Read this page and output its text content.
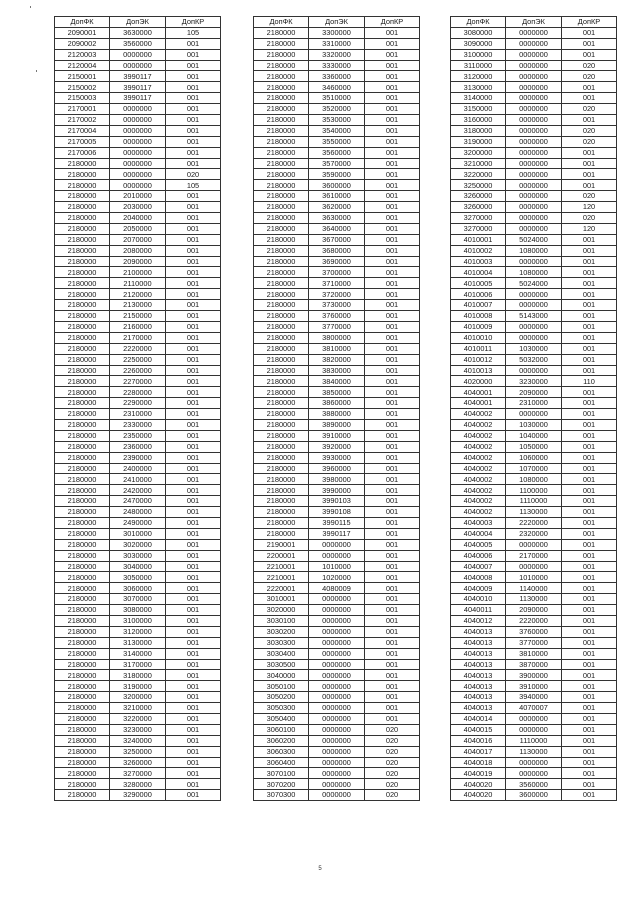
ДопФК	ДопЭК	ДопКР
2090001	3630000	105
2090002	3560000	001
2120003	0000000	001
2120004	0000000	001
2150001	3990117	001
2150002	3990117	001
2150003	3990117	001
2170001	0000000	001
2170002	0000000	001
2170004	0000000	001
2170005	0000000	001
2170006	0000000	001
2180000	0000000	001
2180000	0000000	020
2180000	0000000	105
2180000	2010000	001
2180000	2030000	001
2180000	2040000	001
2180000	2050000	001
2180000	2070000	001
2180000	2080000	001
2180000	2090000	001
2180000	2100000	001
2180000	2110000	001
2180000	2120000	001
2180000	2130000	001
2180000	2150000	001
2180000	2160000	001
2180000	2170000	001
2180000	2220000	001
2180000	2250000	001
2180000	2260000	001
2180000	2270000	001
2180000	2280000	001
2180000	2290000	001
2180000	2310000	001
2180000	2330000	001
2180000	2350000	001
2180000	2360000	001
2180000	2390000	001
2180000	2400000	001
2180000	2410000	001
2180000	2420000	001
2180000	2470000	001
2180000	2480000	001
2180000	2490000	001
2180000	3010000	001
2180000	3020000	001
2180000	3030000	001
2180000	3040000	001
2180000	3050000	001
2180000	3060000	001
2180000	3070000	001
2180000	3080000	001
2180000	3100000	001
2180000	3120000	001
2180000	3130000	001
2180000	3140000	001
2180000	3170000	001
2180000	3180000	001
2180000	3190000	001
2180000	3200000	001
2180000	3210000	001
2180000	3220000	001
2180000	3230000	001
2180000	3240000	001
2180000	3250000	001
2180000	3260000	001
2180000	3270000	001
2180000	3280000	001
2180000	3290000	001
ДопФК	ДопЭК	ДопКР
2180000	3300000	001
2180000	3310000	001
2180000	3320000	001
2180000	3330000	001
2180000	3360000	001
2180000	3460000	001
2180000	3510000	001
2180000	3520000	001
2180000	3530000	001
2180000	3540000	001
2180000	3550000	001
2180000	3560000	001
2180000	3570000	001
2180000	3590000	001
2180000	3600000	001
2180000	3610000	001
2180000	3620000	001
2180000	3630000	001
2180000	3640000	001
2180000	3670000	001
2180000	3680000	001
2180000	3690000	001
2180000	3700000	001
2180000	3710000	001
2180000	3720000	001
2180000	3730000	001
2180000	3760000	001
2180000	3770000	001
2180000	3800000	001
2180000	3810000	001
2180000	3820000	001
2180000	3830000	001
2180000	3840000	001
2180000	3850000	001
2180000	3860000	001
2180000	3880000	001
2180000	3890000	001
2180000	3910000	001
2180000	3920000	001
2180000	3930000	001
2180000	3960000	001
2180000	3980000	001
2180000	3990000	001
2180000	3990103	001
2180000	3990108	001
2180000	3990115	001
2180000	3990117	001
2190001	0000000	001
2200001	0000000	001
2210001	1010000	001
2210001	1020000	001
2220001	4080009	001
3010001	0000000	001
3020000	0000000	001
3030100	0000000	001
3030200	0000000	001
3030300	0000000	001
3030400	0000000	001
3030500	0000000	001
3040000	0000000	001
3050100	0000000	001
3050200	0000000	001
3050300	0000000	001
3050400	0000000	001
3060100	0000000	020
3060200	0000000	020
3060300	0000000	020
3060400	0000000	020
3070100	0000000	020
3070200	0000000	020
3070300	0000000	020
ДопФК	ДопЭК	ДопКР
3080000	0000000	001
3090000	0000000	001
3100000	0000000	001
3110000	0000000	020
3120000	0000000	020
3130000	0000000	001
3140000	0000000	001
3150000	0000000	020
3160000	0000000	001
3180000	0000000	020
3190000	0000000	020
3200000	0000000	001
3210000	0000000	001
3220000	0000000	001
3250000	0000000	001
3260000	0000000	020
3260000	0000000	120
3270000	0000000	020
3270000	0000000	120
4010001	5024000	001
4010002	1080000	001
4010003	0000000	001
4010004	1080000	001
4010005	5024000	001
4010006	0000000	001
4010007	0000000	001
4010008	5143000	001
4010009	0000000	001
4010010	0000000	001
4010011	1030000	001
4010012	5032000	001
4010013	0000000	001
4020000	3230000	110
4040001	2090000	001
4040001	2310000	001
4040002	0000000	001
4040002	1030000	001
4040002	1040000	001
4040002	1050000	001
4040002	1060000	001
4040002	1070000	001
4040002	1080000	001
4040002	1100000	001
4040002	1110000	001
4040002	1130000	001
4040003	2220000	001
4040004	2320000	001
4040005	0000000	001
4040006	2170000	001
4040007	0000000	001
4040008	1010000	001
4040009	1140000	001
4040010	1130000	001
4040011	2090000	001
4040012	2220000	001
4040013	3760000	001
4040013	3770000	001
4040013	3810000	001
4040013	3870000	001
4040013	3900000	001
4040013	3910000	001
4040013	3940000	001
4040013	4070007	001
4040014	0000000	001
4040015	0000000	001
4040016	1110000	001
4040017	1130000	001
4040018	0000000	001
4040019	0000000	001
4040020	3560000	001
4040020	3600000	001
5
